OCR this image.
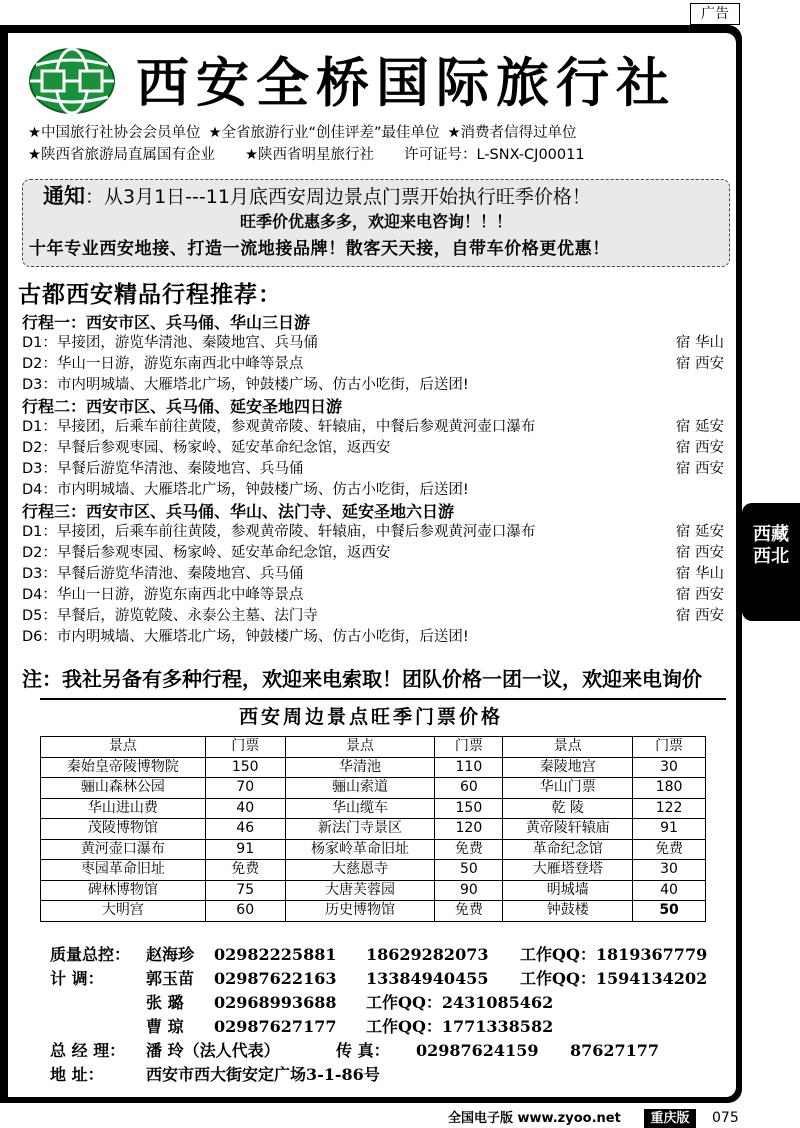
广告
西安全桥国际旅行社
★中国旅行社协会会员单位 ★全省旅游行业“创佳评差”最佳单位 ★消费者信得过单位
★陕西省旅游局直属国有企业 ★陕西省明星旅行社 许可证号：L-SNX-CJ00011
通知：从3月1日---11月底西安周边景点门票开始执行旺季价格！
旺季价优惠多多，欢迎来电咨询！！！
十年专业西安地接、打造一流地接品牌！散客天天接，自带车价格更优惠！
古都西安精品行程推荐：
行程一：西安市区、兵马俑、华山三日游
D1：早接团，游览华清池、秦陵地宫、兵马俑	宿 华山
D2：华山一日游，游览东南西北中峰等景点	宿 西安
D3：市内明城墙、大雁塔北广场，钟鼓楼广场、仿古小吃街，后送团!
行程二：西安市区、兵马俑、延安圣地四日游
D1：早接团，后乘车前往黄陵，参观黄帝陵、轩辕庙，中餐后参观黄河壶口瀑布	宿 延安
D2：早餐后参观枣园、杨家岭、延安革命纪念馆，返西安	宿 西安
D3：早餐后游览华清池、秦陵地宫、兵马俑	宿 西安
D4：市内明城墙、大雁塔北广场，钟鼓楼广场、仿古小吃街，后送团!
行程三：西安市区、兵马俑、华山、法门寺、延安圣地六日游
D1：早接团，后乘车前往黄陵，参观黄帝陵、轩辕庙，中餐后参观黄河壶口瀑布	宿 延安
D2：早餐后参观枣园、杨家岭、延安革命纪念馆，返西安	宿 西安
D3：早餐后游览华清池、秦陵地宫、兵马俑	宿 华山
D4：华山一日游，游览东南西北中峰等景点	宿 西安
D5：早餐后，游览乾陵、永泰公主墓、法门寺	宿 西安
D6：市内明城墙、大雁塔北广场，钟鼓楼广场、仿古小吃街，后送团!
注：我社另备有多种行程，欢迎来电索取！团队价格一团一议，欢迎来电询价
西安周边景点旺季门票价格
景点	门票	景点	门票	景点	门票
秦始皇帝陵博物院	150	华清池	110	秦陵地宫	30
骊山森林公园	70	骊山索道	60	华山门票	180
华山进山费	40	华山缆车	150	乾 陵	122
茂陵博物馆	46	新法门寺景区	120	黄帝陵轩辕庙	91
黄河壶口瀑布	91	杨家岭革命旧址	免费	革命纪念馆	免费
枣园革命旧址	免费	大慈恩寺	50	大雁塔登塔	30
碑林博物馆	75	大唐芙蓉园	90	明城墙	40
大明宫	60	历史博物馆	免费	钟鼓楼	50
质量总控： 赵海珍 02982225881 18629282073 工作QQ：1819367779
计 调：	郭玉苗 02987622163 13384940455 工作QQ：1594134202
张 璐 02968993688 工作QQ：2431085462
曹 琼 02987627177 工作QQ：1771338582
总 经 理： 潘 玲（法人代表）	传 真： 02987624159 87627177
地 址：	西安市西大街安定广场3-1-86号
全国电子版 www.zyoo.net	重庆版	075
西藏西北
